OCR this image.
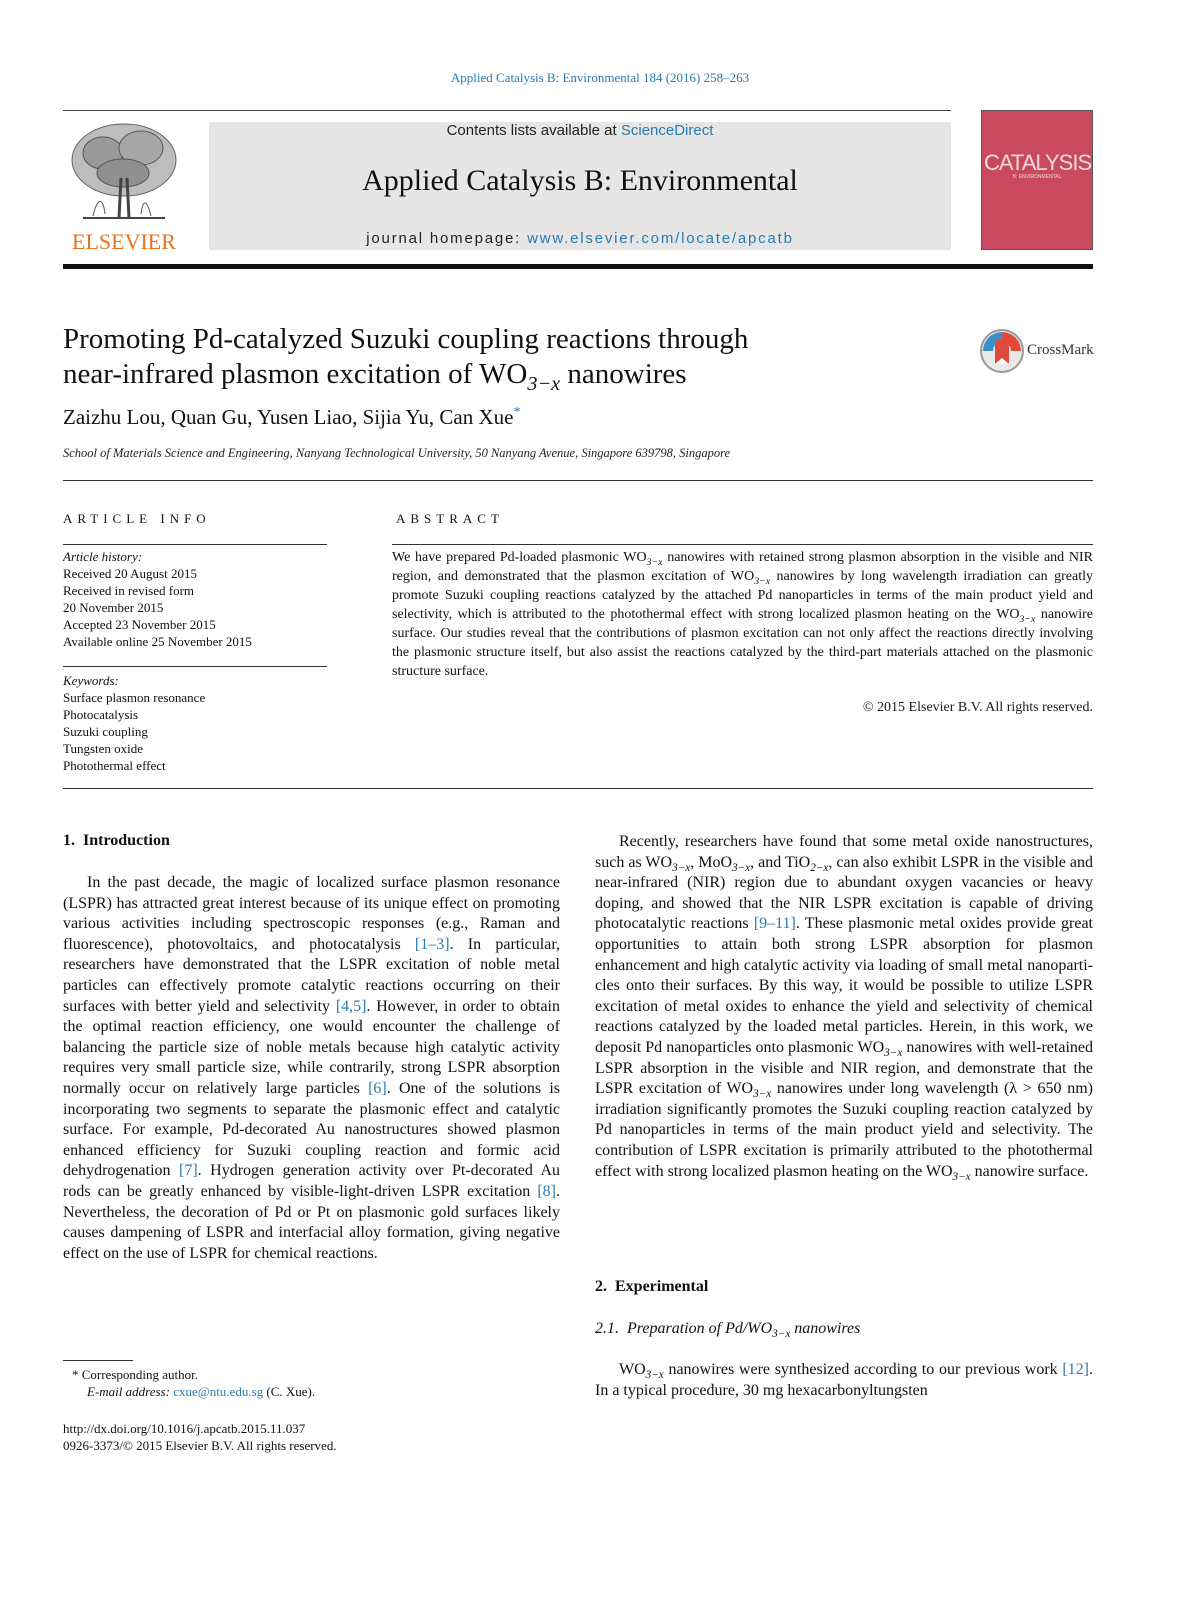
Applied Catalysis B: Environmental 184 (2016) 258–263
ELSEVIER
Contents lists available at ScienceDirect
Applied Catalysis B: Environmental
journal homepage: www.elsevier.com/locate/apcatb
CATALYSIS
B: ENVIRONMENTAL
Promoting Pd-catalyzed Suzuki coupling reactions through
near-infrared plasmon excitation of $WO_{3-x}$ nanowires
CrossMark
Zaizhu Lou, Quan Gu, Yusen Liao, Sijia Yu, Can Xue*
School of Materials Science and Engineering, Nanyang Technological University, 50 Nanyang Avenue, Singapore 639798, Singapore
ARTICLE INFO	ABSTRACT
Article history:
Received 20 August 2015
Received in revised form
20 November 2015
Accepted 23 November 2015
Available online 25 November 2015
Keywords:
Surface plasmon resonance
Photocatalysis
Suzuki coupling
Tungsten oxide
Photothermal effect
We have prepared Pd-loaded plasmonic $WO_{3-x}$ nanowires with retained strong plasmon absorption in the visible and NIR region, and demonstrated that the plasmon excitation of $WO_{3-x}$ nanowires by long wavelength irradiation can greatly promote Suzuki coupling reactions catalyzed by the attached Pd nanoparticles in terms of the main product yield and selectivity, which is attributed to the photothermal effect with strong localized plasmon heating on the $WO_{3-x}$ nanowire surface. Our studies reveal that the contributions of plasmon excitation can not only affect the reactions directly involving the plasmonic structure itself, but also assist the reactions catalyzed by the third-part materials attached on the plasmonic structure surface.
© 2015 Elsevier B.V. All rights reserved.
1.  Introduction

In the past decade, the magic of localized surface plasmon resonance (LSPR) has attracted great interest because of its unique effect on promoting various activities including spectroscopic responses (e.g., Raman and fluorescence), photovoltaics, and photocatalysis [1–3]. In particular, researchers have demonstrated that the LSPR excitation of noble metal particles can effectively promote catalytic reactions occurring on their surfaces with better yield and selectivity [4,5]. However, in order to obtain the optimal reaction efficiency, one would encounter the challenge of balancing the particle size of noble metals because high catalytic activity requires very small particle size, while contrarily, strong LSPR absorption normally occur on relatively large particles [6]. One of the solutions is incorporating two segments to separate the plasmonic effect and catalytic surface. For example, Pd-decorated Au nanostructures showed plasmon enhanced efficiency for Suzuki coupling reaction and formic acid dehydrogenation [7]. Hydrogen generation activity over Pt-decorated Au rods can be greatly enhanced by visible-light-driven LSPR excitation [8]. Nevertheless, the decoration of Pd or Pt on plasmonic gold surfaces likely causes dampening of LSPR and interfacial alloy formation, giving negative effect on the use of LSPR for chemical reactions.

* Corresponding author.
E-mail address: cxue@ntu.edu.sg (C. Xue).
http://dx.doi.org/10.1016/j.apcatb.2015.11.037
0926-3373/© 2015 Elsevier B.V. All rights reserved.

Recently, researchers have found that some metal oxide nanostructures, such as $WO_{3-x}$, MoO$_{3-x}$, and TiO$_{2-x}$, can also exhibit LSPR in the visible and near-infrared (NIR) region due to abundant oxygen vacancies or heavy doping, and showed that the NIR LSPR excitation is capable of driving photocatalytic reactions [9–11]. These plasmonic metal oxides provide great opportunities to attain both strong LSPR absorption for plasmon enhancement and high catalytic activity via loading of small metal nanoparticles onto their surfaces. By this way, it would be possible to utilize LSPR excitation of metal oxides to enhance the yield and selectivity of chemical reactions catalyzed by the loaded metal particles. Herein, in this work, we deposit Pd nanoparticles onto plasmonic $WO_{3-x}$ nanowires with well-retained LSPR absorption in the visible and NIR region, and demonstrate that the LSPR excitation of $WO_{3-x}$ nanowires under long wavelength (λ > 650 nm) irradiation significantly promotes the Suzuki coupling reaction catalyzed by Pd nanoparticles in terms of the main product yield and selectivity. The contribution of LSPR excitation is primarily attributed to the photothermal effect with strong localized plasmon heating on the $WO_{3-x}$ nanowire surface.

2.  Experimental
2.1.  Preparation of $Pd/WO_{3-x}$ nanowires

$WO_{3-x}$ nanowires were synthesized according to our previous work [12]. In a typical procedure, 30 mg hexacarbonyltungsten
